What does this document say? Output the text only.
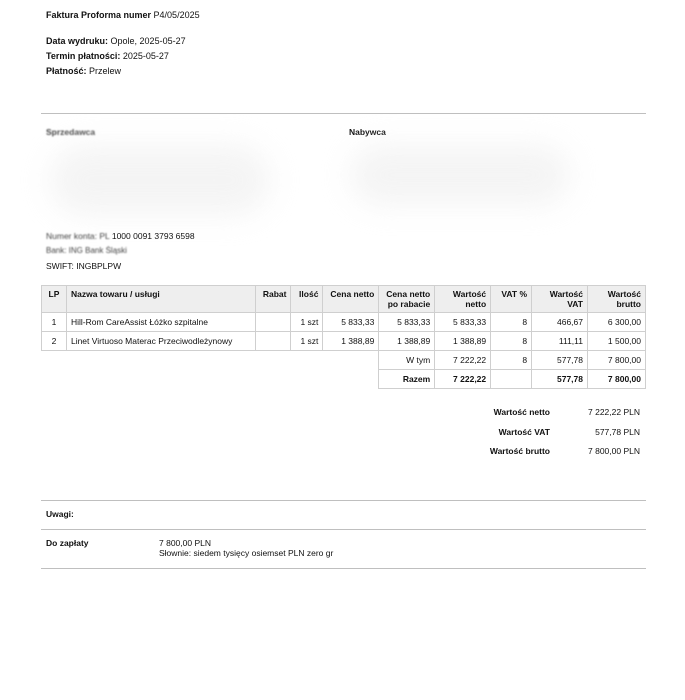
Faktura Proforma numer P4/05/2025
Data wydruku: Opole, 2025-05-27
Termin płatności: 2025-05-27
Płatność: Przelew
Sprzedawca	Nabywca
Numer konta: PL 1000 0091 3793 6598
Bank: ING Bank Śląski
SWIFT: INGBPLPW
LP	Nazwa towaru / usługi	Rabat	Ilość	Cena netto	Cena netto po rabacie	Wartość netto	VAT %	Wartość VAT	Wartość brutto
1	Hill-Rom CareAssist Łóżko szpitalne		1 szt	5 833,33	5 833,33	5 833,33	8	466,67	6 300,00
2	Linet Virtuoso Materac Przeciwodleżynowy		1 szt	1 388,89	1 388,89	1 388,89	8	111,11	1 500,00
					W tym	7 222,22	8	577,78	7 800,00
					Razem	7 222,22		577,78	7 800,00
Wartość netto	7 222,22 PLN
Wartość VAT	577,78 PLN
Wartość brutto	7 800,00 PLN
Uwagi:
Do zapłaty	7 800,00 PLN
Słownie: siedem tysięcy osiemset PLN zero gr
